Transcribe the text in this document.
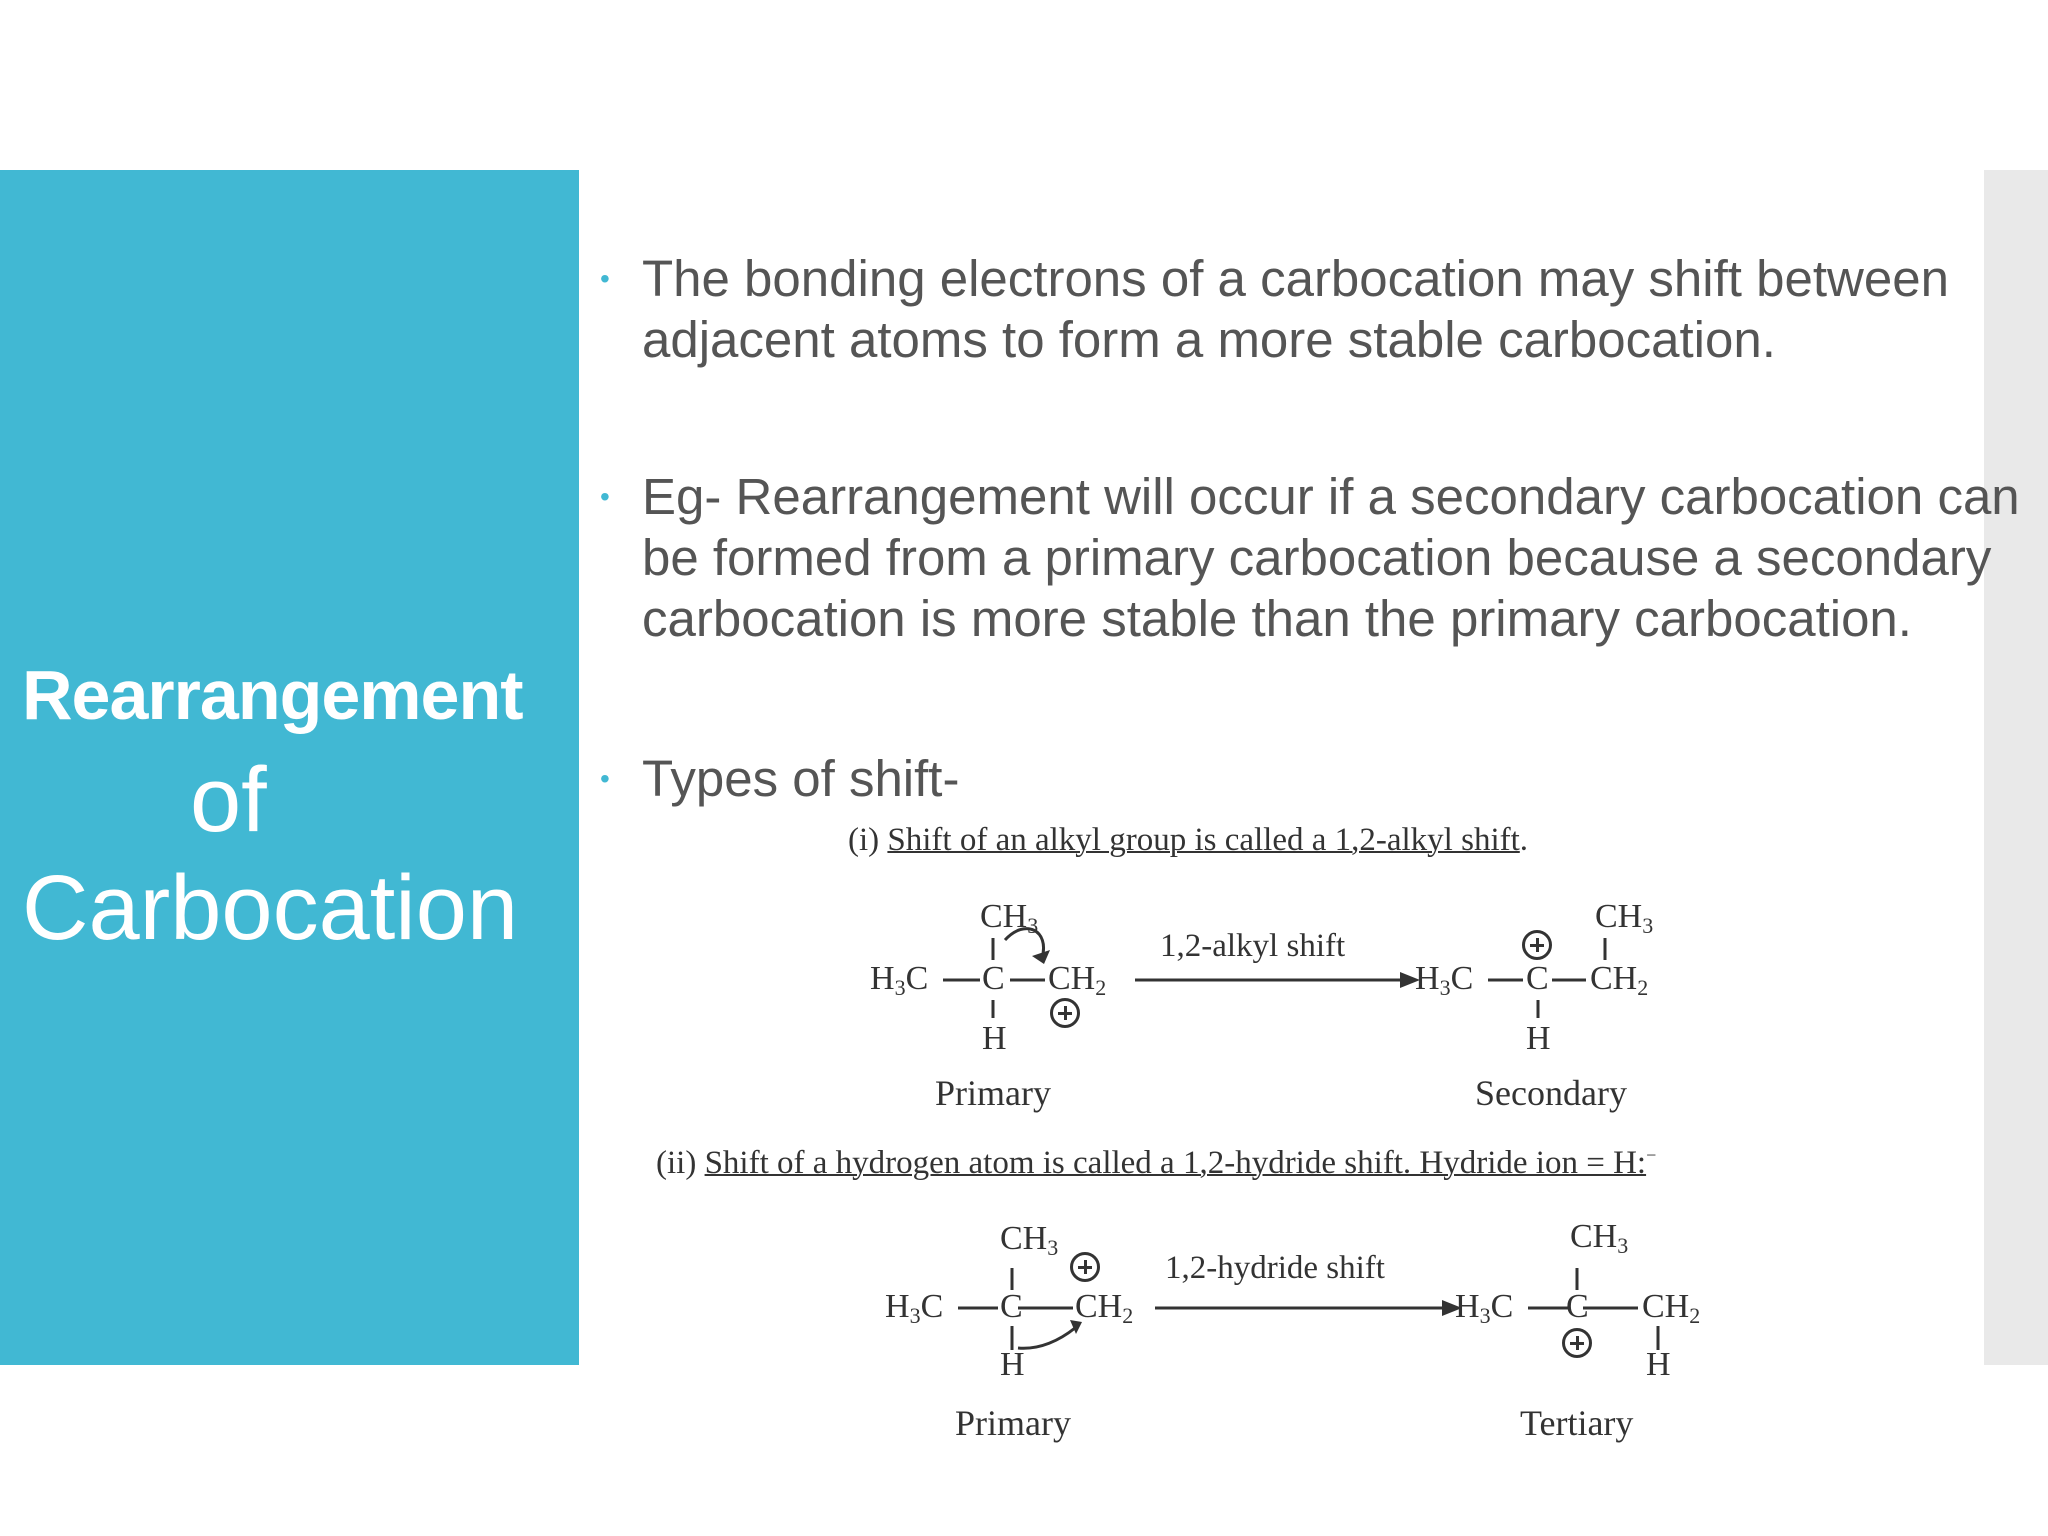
Rearrangement
of
Carbocation
• The bonding electrons of a carbocation may shift between adjacent atoms to form a more stable carbocation.
• Eg- Rearrangement will occur if a secondary carbocation can be formed from a primary carbocation because a secondary carbocation is more stable than the primary carbocation.
• Types of shift-
(i) Shift of an alkyl group is called a 1,2-alkyl shift.
$CH_3$
$H_3C$ C $CH_2$
H
Primary
1,2-alkyl shift
$CH_3$
$H_3C$ C $CH_2$
H
Secondary
(ii) Shift of a hydrogen atom is called a 1,2-hydride shift. Hydride ion = H:−
$CH_3$
$H_3C$ C $CH_2$
H
Primary
1,2-hydride shift
$CH_3$
$H_3C$ C $CH_2$
H
Tertiary
